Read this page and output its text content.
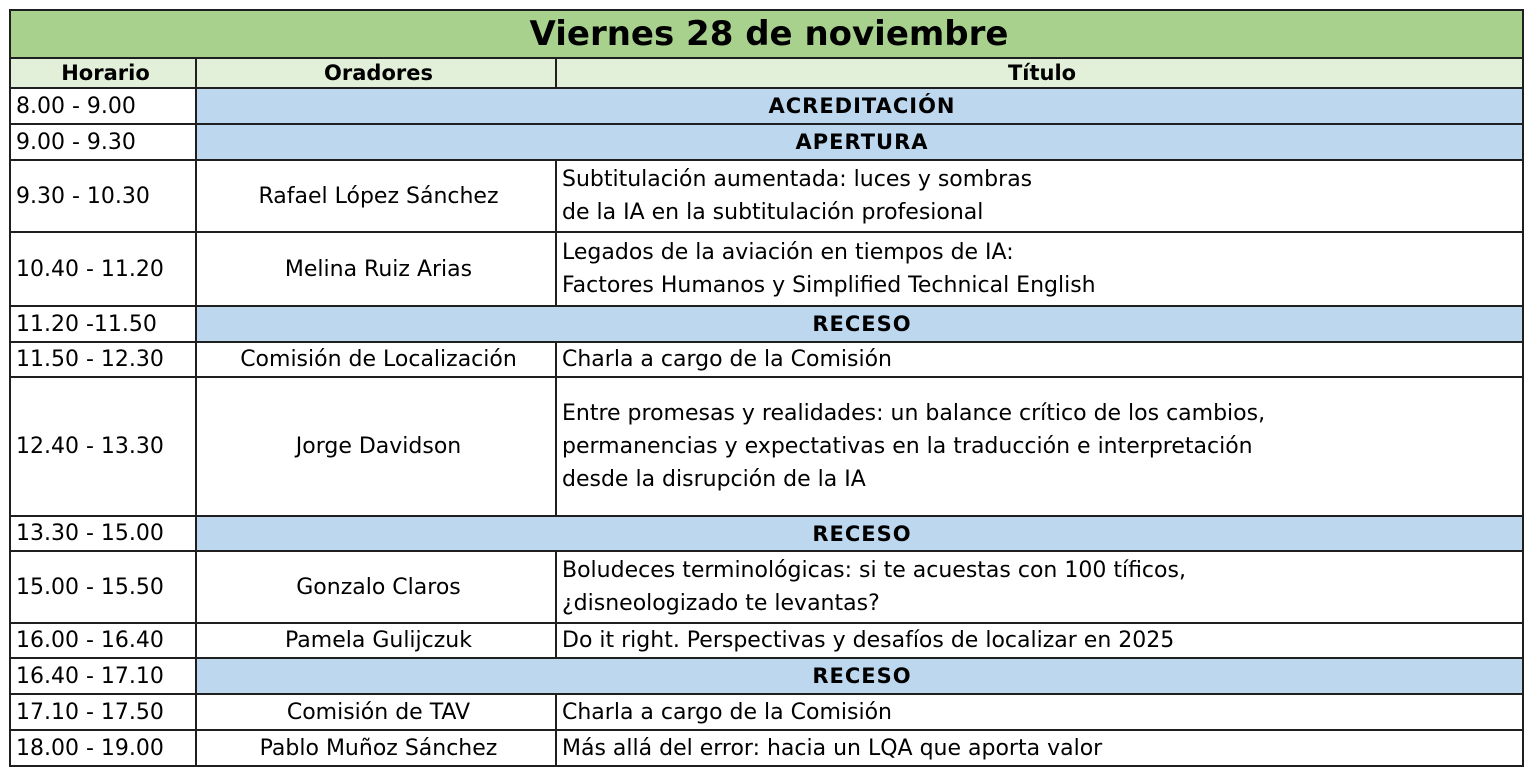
Viernes 28 de noviembre		
Horario	Oradores	Título
8.00 - 9.00	ACREDITACIÓN	
9.00 - 9.30	APERTURA	
9.30 - 10.30	Rafael López Sánchez	Subtitulación aumentada: luces y sombras
de la IA en la subtitulación profesional

10.40 - 11.20	Melina Ruiz Arias	Legados de la aviación en tiempos de IA:
Factores Humanos y Simplified Technical English

11.20 -11.50	RECESO	
11.50 - 12.30	Comisión de Localización	Charla a cargo de la Comisión

12.40 - 13.30	Jorge Davidson	Entre promesas y realidades: un balance crítico de los cambios,
permanencias y expectativas en la traducción e interpretación
desde la disrupción de la IA

13.30 - 15.00	RECESO	
15.00 - 15.50	Gonzalo Claros	Boludeces terminológicas: si te acuestas con 100 tíficos,
¿disneologizado te levantas?

16.00 - 16.40	Pamela Gulijczuk	Do it right. Perspectivas y desafíos de localizar en 2025

16.40 - 17.10	RECESO	
17.10 - 17.50	Comisión de TAV	Charla a cargo de la Comisión

18.00 - 19.00	Pablo Muñoz Sánchez	Más allá del error: hacia un LQA que aporta valor
